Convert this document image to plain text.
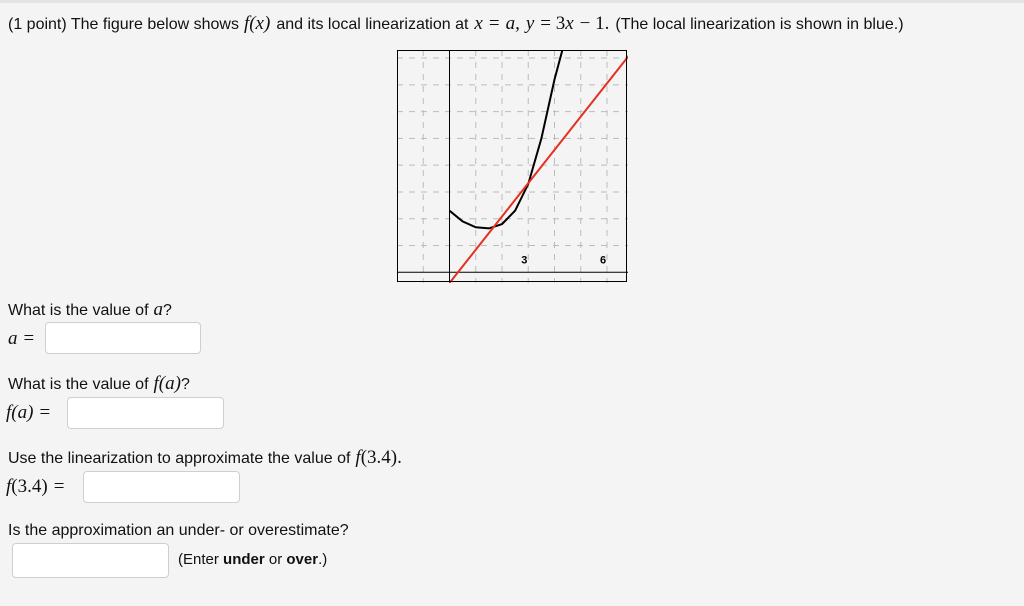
(1 point) The figure below shows f (x) and its local linearization at x = a, y = 3 x − 1. (The local linearization is shown in blue.)
3	6
What is the value of a ?
a =
What is the value of f (a) ?
f (a) =
Use the linearization to approximate the value of f (3.4).
f (3.4) =
Is the approximation an under- or overestimate?
(Enter under or over.)
